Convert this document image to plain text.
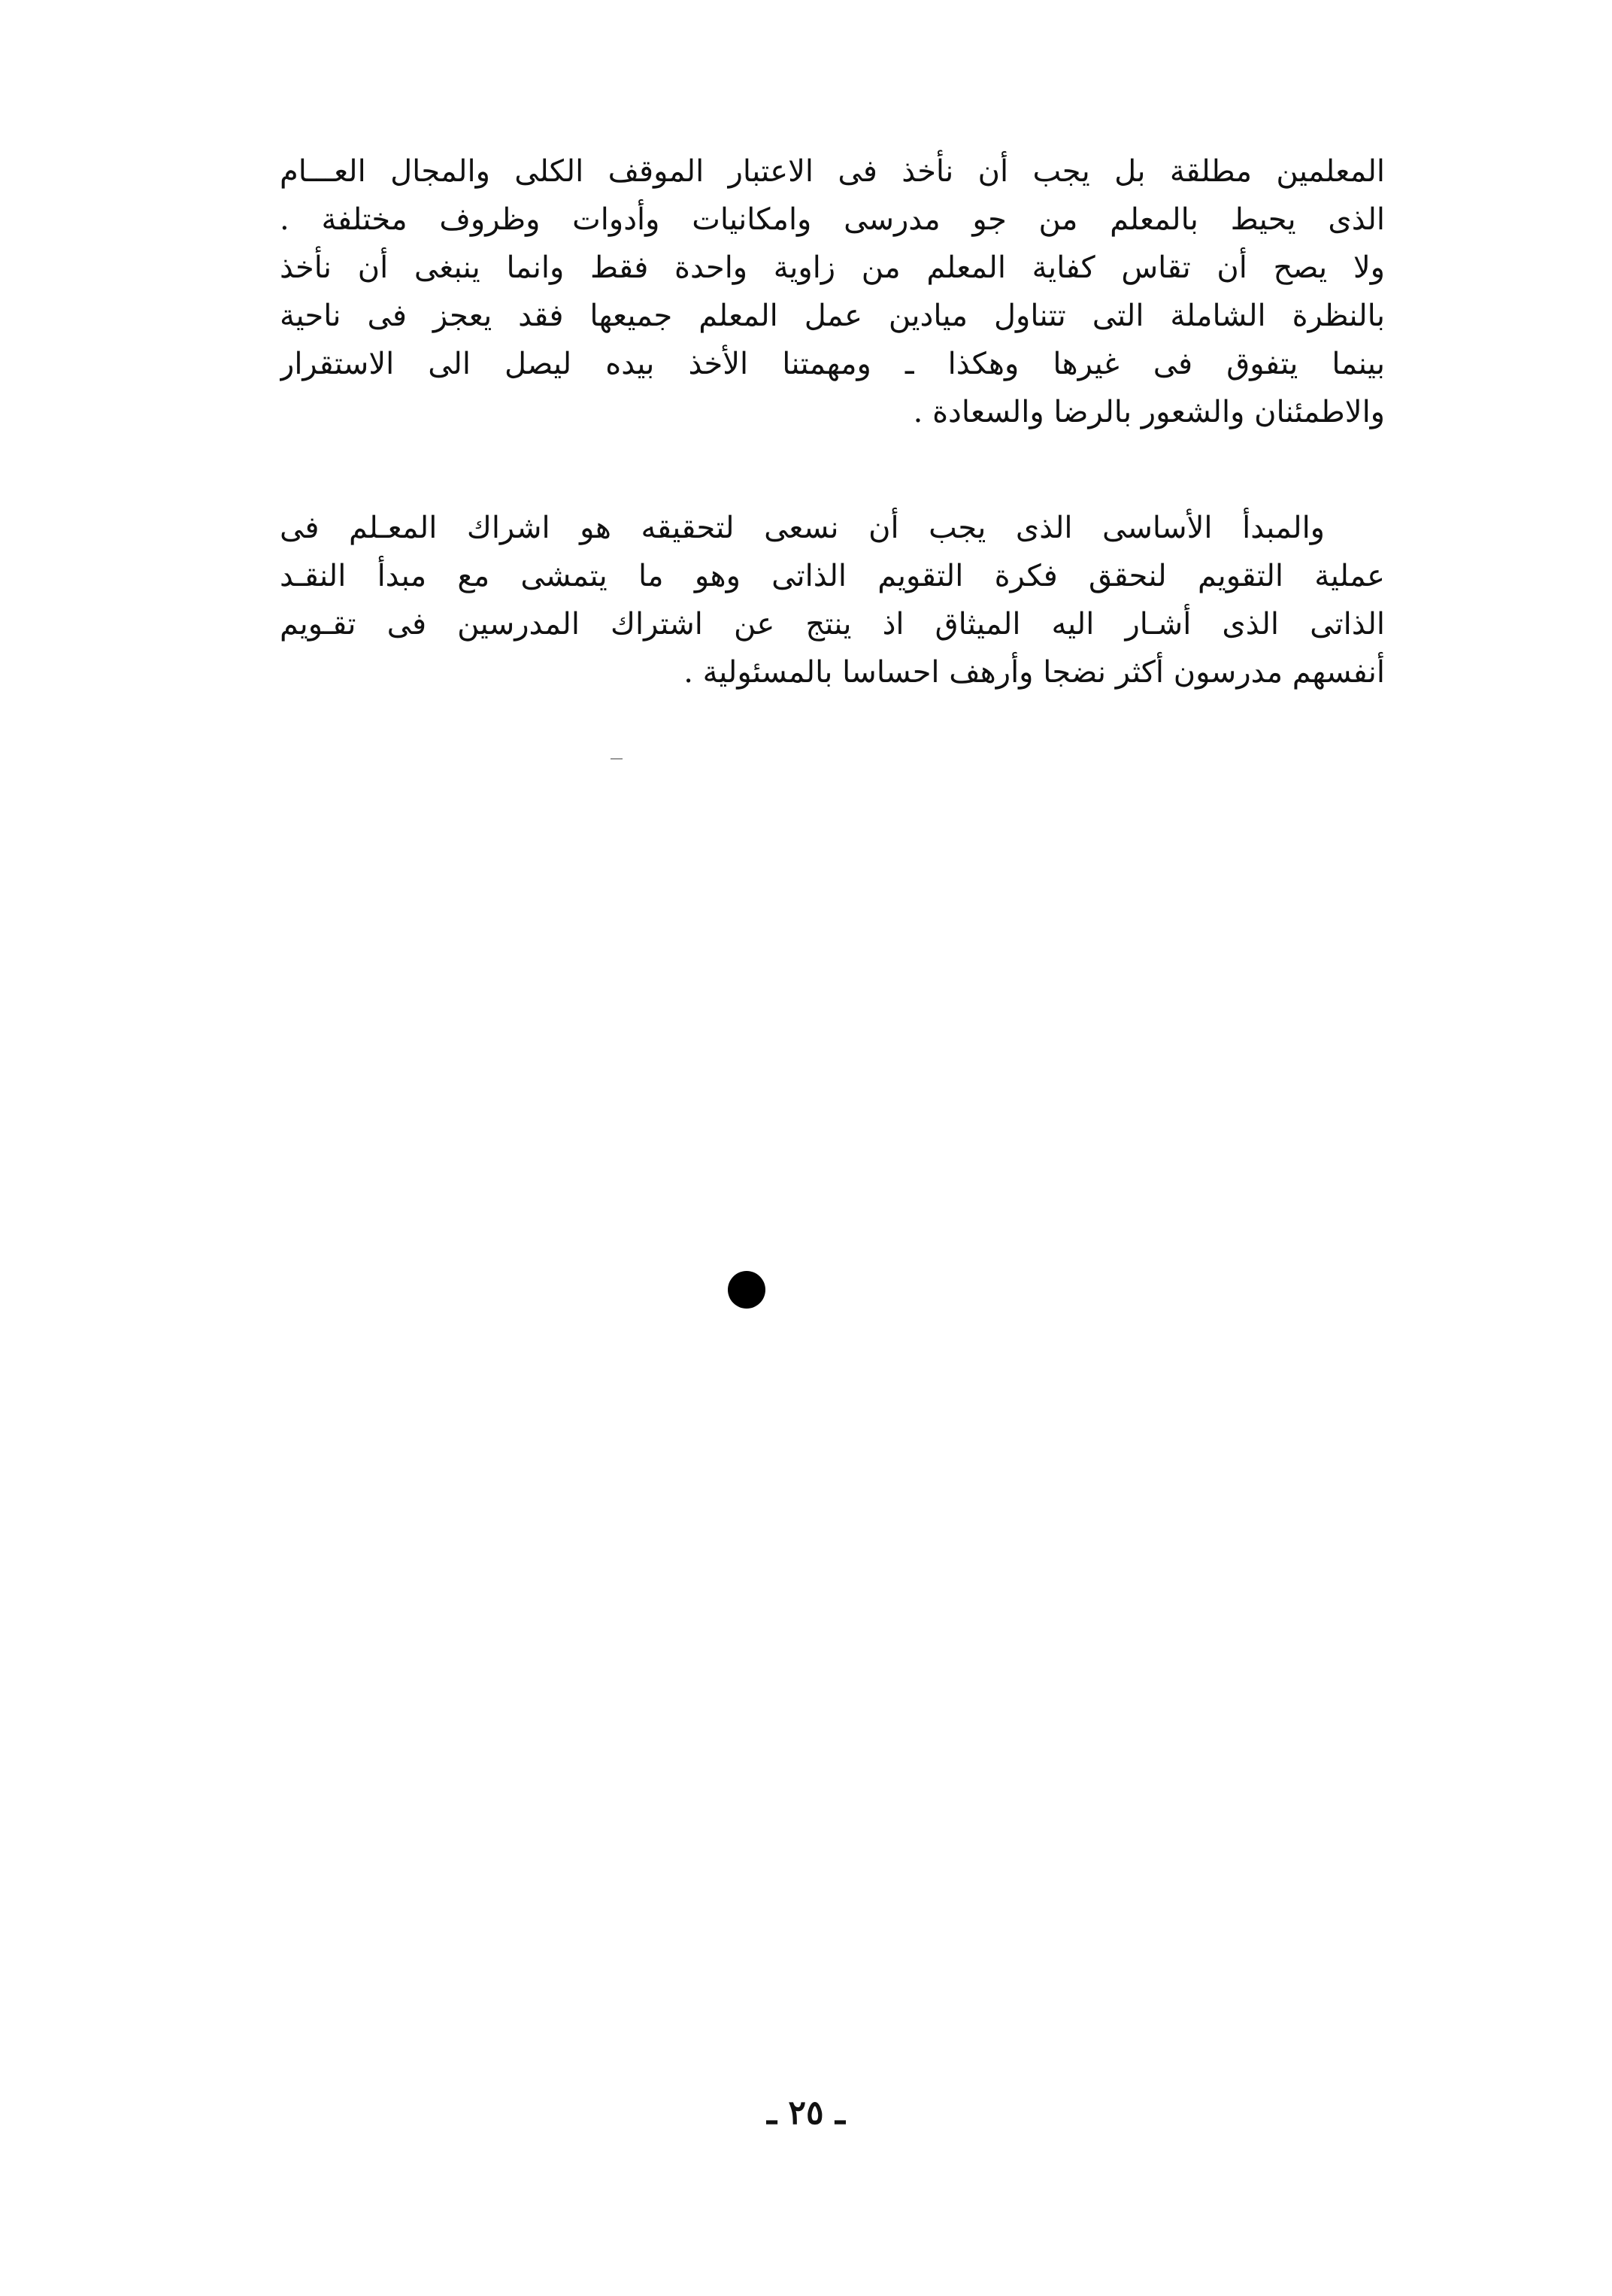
المعلمين مطلقة بل يجب أن نأخذ فى الاعتبار الموقف الكلى والمجال العـــام
الذى يحيط بالمعلم من جو مدرسى وامكانيات وأدوات وظروف مختلفة .
ولا يصح أن تقاس كفاية المعلم من زاوية واحدة فقط وانما ينبغى أن نأخذ
بالنظرة الشاملة التى تتناول ميادين عمل المعلم جميعها فقد يعجز فى ناحية
بينما يتفوق فى غيرها وهكذا ـ ومهمتنا الأخذ بيده ليصل الى الاستقرار
والاطمئنان والشعور بالرضا والسعادة .
والمبدأ الأساسى الذى يجب أن نسعى لتحقيقه هو اشراك المعـلم فى
عملية التقويم لنحقق فكرة التقويم الذاتى وهو ما يتمشى مع مبدأ النقـد
الذاتى الذى أشـار اليه الميثاق اذ ينتج عن اشتراك المدرسين فى تقـويم
أنفسهم مدرسون أكثر نضجا وأرهف احساسا بالمسئولية .
ـ ٢٥ ـ
